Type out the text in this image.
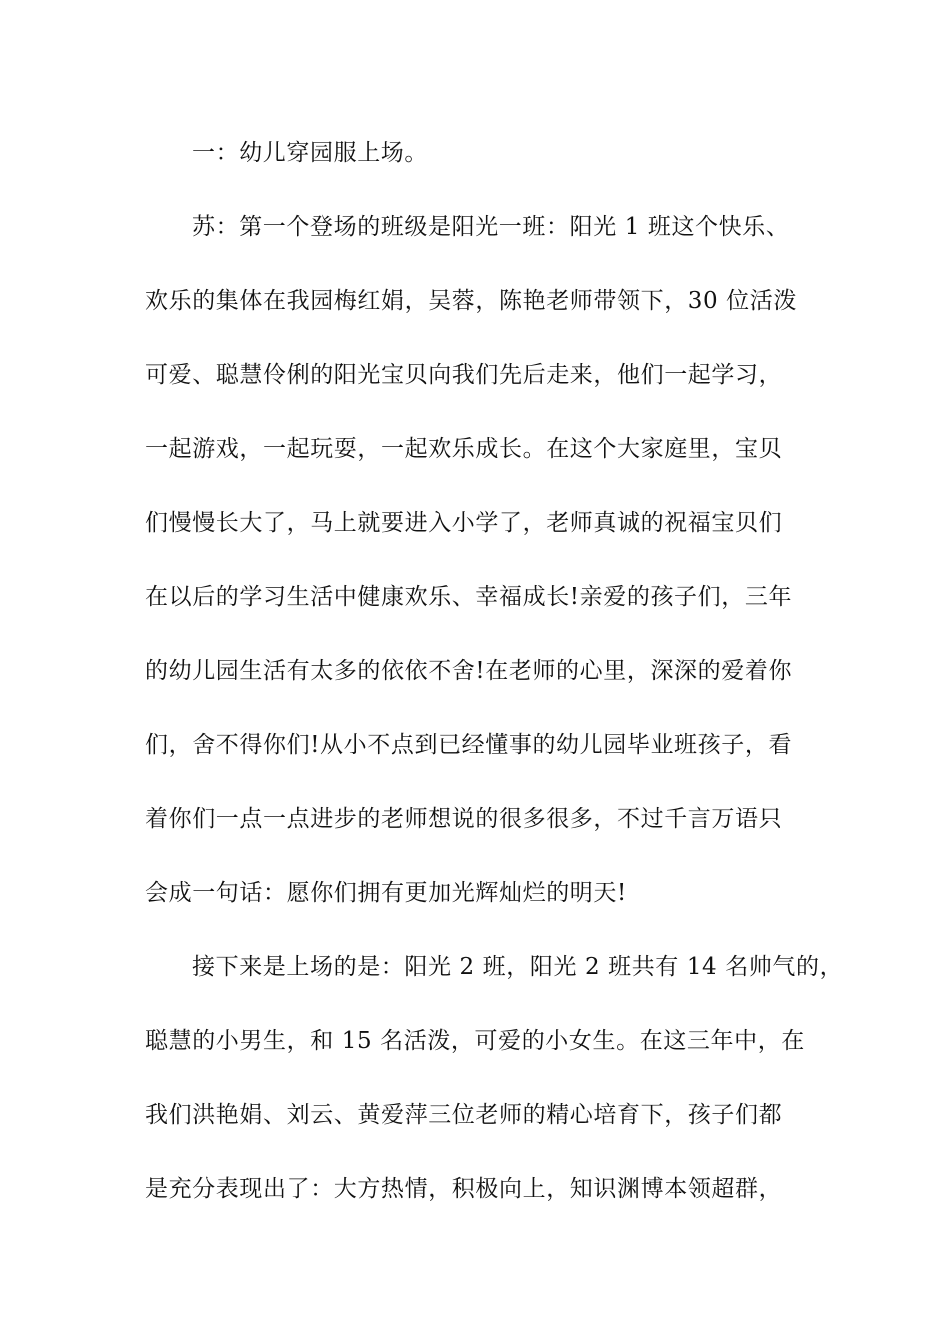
一：幼儿穿园服上场。
苏：第一个登场的班级是阳光一班：阳光 1 班这个快乐、
欢乐的集体在我园梅红娟，吴蓉，陈艳老师带领下，30 位活泼
可爱、聪慧伶俐的阳光宝贝向我们先后走来，他们一起学习，
一起游戏，一起玩耍，一起欢乐成长。在这个大家庭里，宝贝
们慢慢长大了，马上就要进入小学了，老师真诚的祝福宝贝们
在以后的学习生活中健康欢乐、幸福成长!亲爱的孩子们，三年
的幼儿园生活有太多的依依不舍!在老师的心里，深深的爱着你
们，舍不得你们!从小不点到已经懂事的幼儿园毕业班孩子，看
着你们一点一点进步的老师想说的很多很多，不过千言万语只
会成一句话：愿你们拥有更加光辉灿烂的明天!
接下来是上场的是：阳光 2 班，阳光 2 班共有 14 名帅气的，
聪慧的小男生，和 15 名活泼，可爱的小女生。在这三年中，在
我们洪艳娟、刘云、黄爱萍三位老师的精心培育下，孩子们都
是充分表现出了：大方热情，积极向上，知识渊博本领超群，
